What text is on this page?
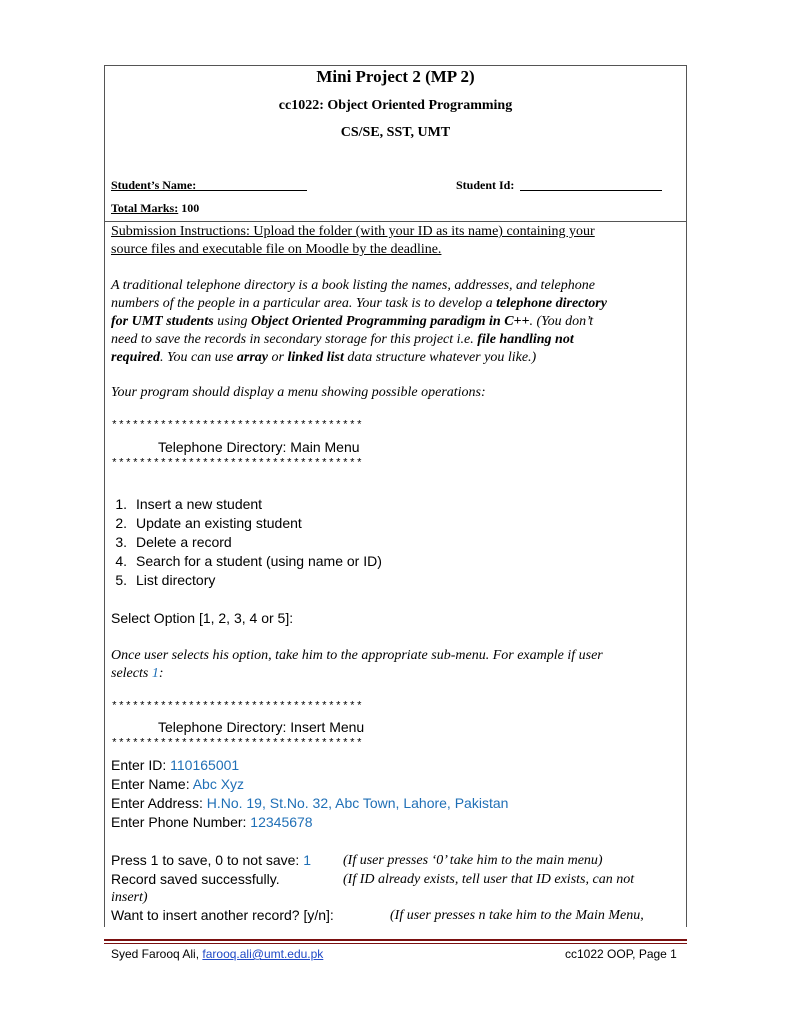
Mini Project 2 (MP 2)
cc1022: Object Oriented Programming
CS/SE, SST, UMT
Student’s Name:	Student Id:
Total Marks: 100
Submission Instructions: Upload the folder (with your ID as its name) containing your
source files and executable file on Moodle by the deadline.
A traditional telephone directory is a book listing the names, addresses, and telephone
numbers of the people in a particular area. Your task is to develop a telephone directory
for UMT students using Object Oriented Programming paradigm in C++. (You don’t
need to save the records in secondary storage for this project i.e. file handling not
required. You can use array or linked list data structure whatever you like.)
Your program should display a menu showing possible operations:
************************************
Telephone Directory: Main Menu
************************************
1. Insert a new student
2. Update an existing student
3. Delete a record
4. Search for a student (using name or ID)
5. List directory
Select Option [1, 2, 3, 4 or 5]:
Once user selects his option, take him to the appropriate sub-menu. For example if user
selects 1:
************************************
Telephone Directory: Insert Menu
************************************
Enter ID: 110165001
Enter Name: Abc Xyz
Enter Address: H.No. 19, St.No. 32, Abc Town, Lahore, Pakistan
Enter Phone Number: 12345678
Press 1 to save, 0 to not save: 1 (If user presses ‘0’ take him to the main menu)
Record saved successfully.	(If ID already exists, tell user that ID exists, can not
insert)
Want to insert another record? [y/n]:	(If user presses n take him to the Main Menu,
Syed Farooq Ali, farooq.ali@umt.edu.pk	cc1022 OOP, Page 1
